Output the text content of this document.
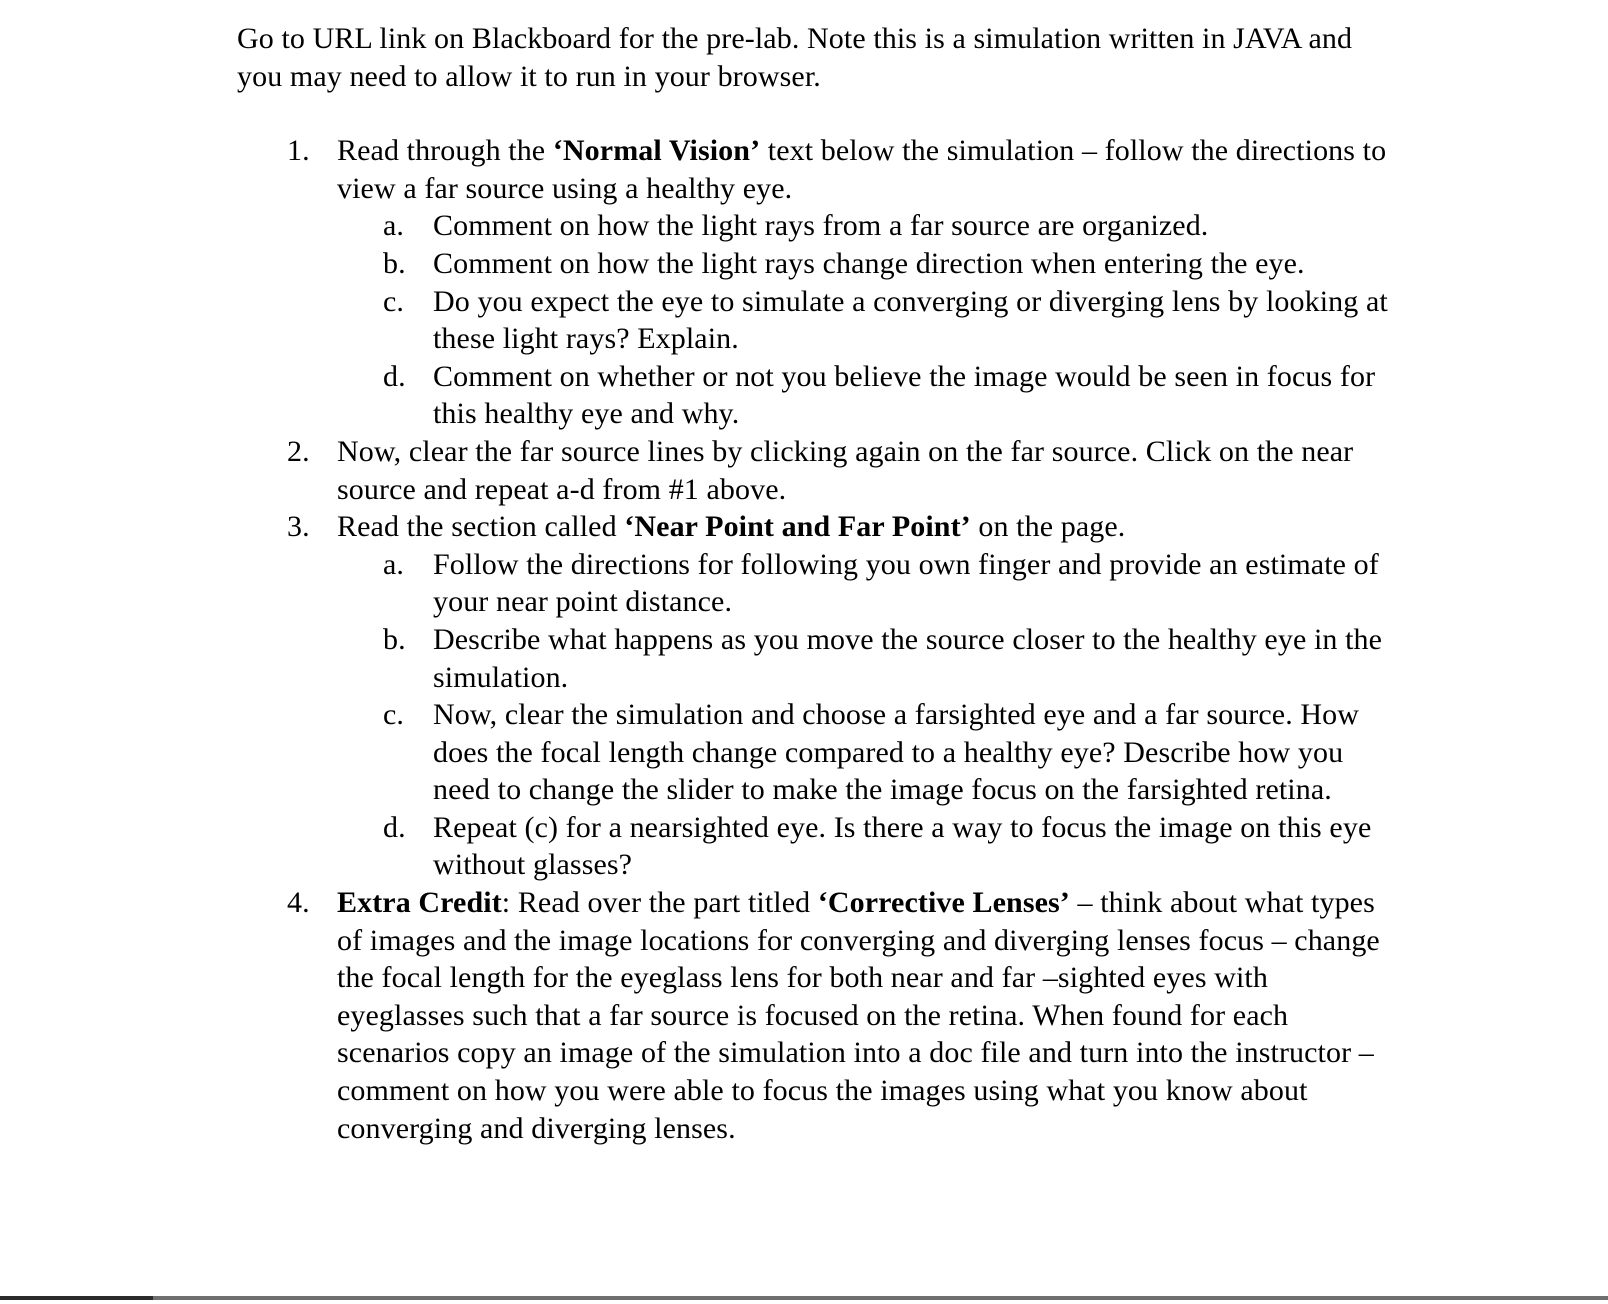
Go to URL link on Blackboard for the pre-lab. Note this is a simulation written in JAVA and you may need to allow it to run in your browser.

1. Read through the ‘Normal Vision’ text below the simulation – follow the directions to view a far source using a healthy eye.
a. Comment on how the light rays from a far source are organized.
b. Comment on how the light rays change direction when entering the eye.
c. Do you expect the eye to simulate a converging or diverging lens by looking at these light rays? Explain.
d. Comment on whether or not you believe the image would be seen in focus for this healthy eye and why.
2. Now, clear the far source lines by clicking again on the far source. Click on the near source and repeat a-d from #1 above.
3. Read the section called ‘Near Point and Far Point’ on the page.
a. Follow the directions for following you own finger and provide an estimate of your near point distance.
b. Describe what happens as you move the source closer to the healthy eye in the simulation.
c. Now, clear the simulation and choose a farsighted eye and a far source. How does the focal length change compared to a healthy eye? Describe how you need to change the slider to make the image focus on the farsighted retina.
d. Repeat (c) for a nearsighted eye. Is there a way to focus the image on this eye without glasses?
4. Extra Credit: Read over the part titled ‘Corrective Lenses’ – think about what types of images and the image locations for converging and diverging lenses focus – change the focal length for the eyeglass lens for both near and far –sighted eyes with eyeglasses such that a far source is focused on the retina. When found for each scenarios copy an image of the simulation into a doc file and turn into the instructor – comment on how you were able to focus the images using what you know about converging and diverging lenses.
